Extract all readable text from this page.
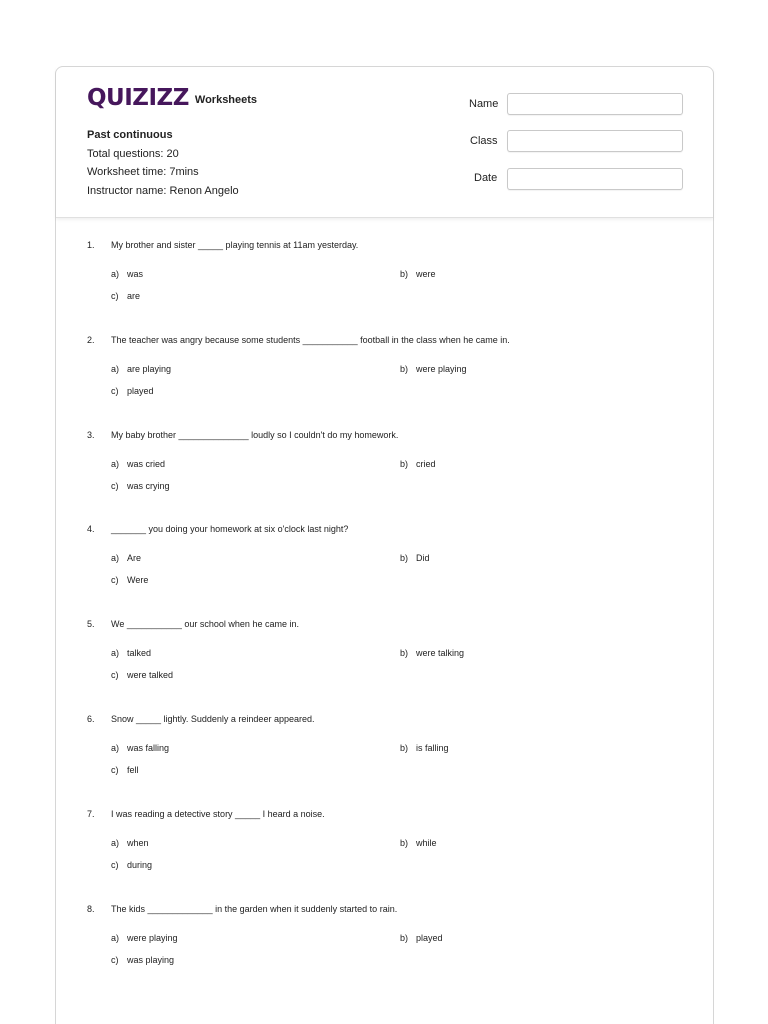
QUIZIZZ Worksheets
Past continuous
Total questions: 20
Worksheet time: 7mins
Instructor name: Renon Angelo
Name
Class
Date
1. My brother and sister _____ playing tennis at 11am yesterday.
a) was	b) were
c) are
2. The teacher was angry because some students ___________ football in the class when he came in.
a) are playing	b) were playing
c) played
3. My baby brother ______________ loudly so I couldn't do my homework.
a) was cried	b) cried
c) was crying
4. _______ you doing your homework at six o'clock last night?
a) Are	b) Did
c) Were
5. We ___________ our school when he came in.
a) talked	b) were talking
c) were talked
6. Snow _____ lightly. Suddenly a reindeer appeared.
a) was falling	b) is falling
c) fell
7. I was reading a detective story _____ I heard a noise.
a) when	b) while
c) during
8. The kids _____________ in the garden when it suddenly started to rain.
a) were playing	b) played
c) was playing
